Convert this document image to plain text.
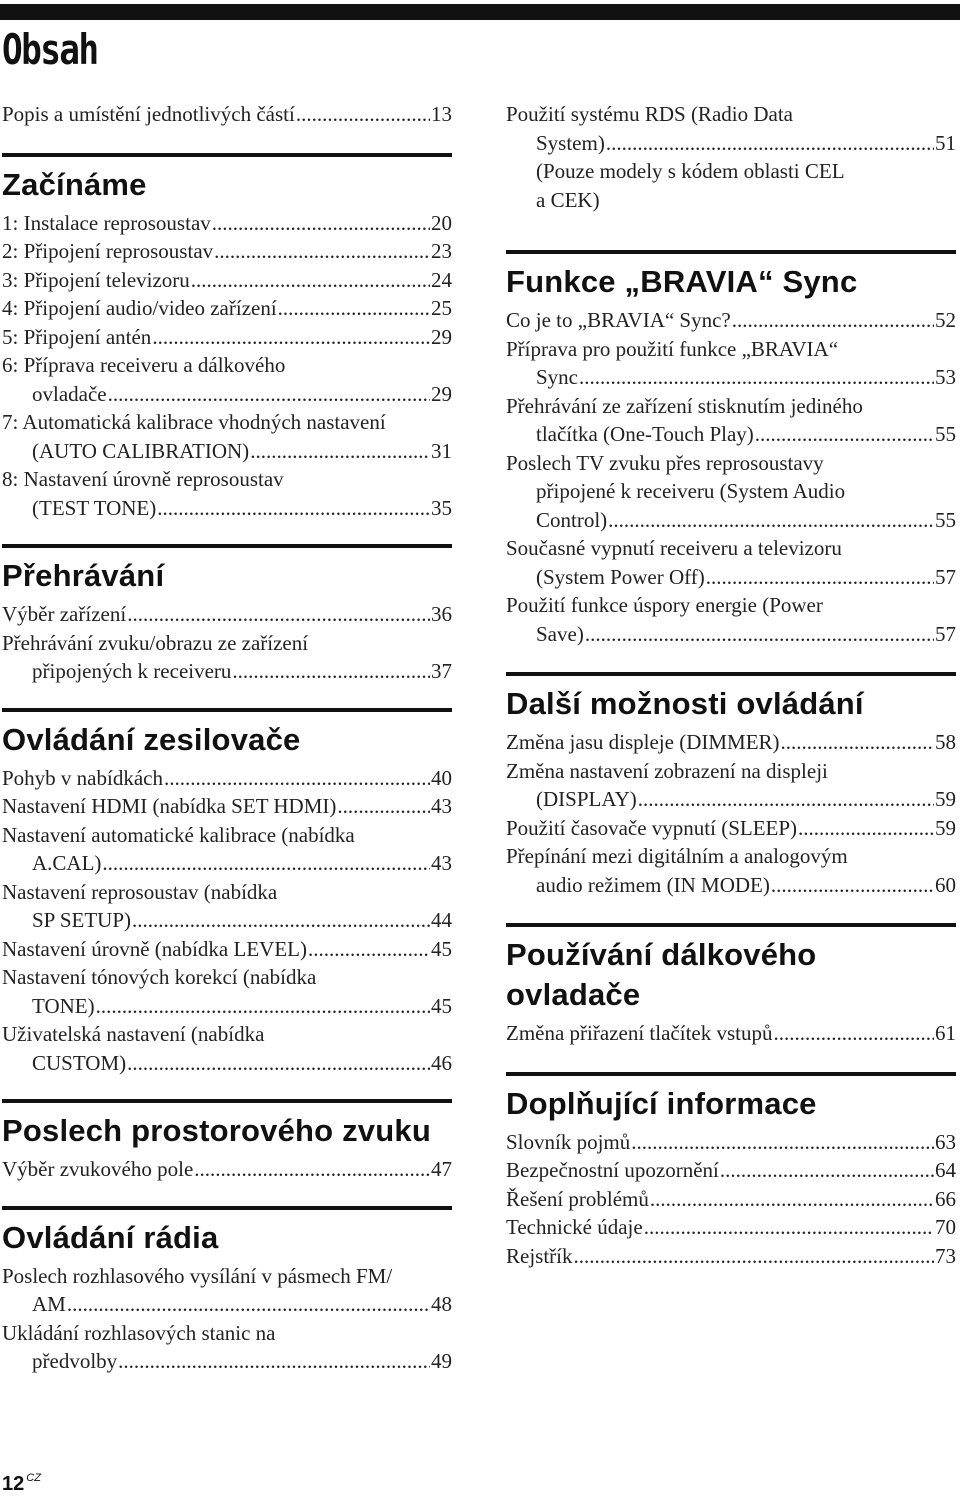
Obsah
Popis a umístění jednotlivých částí .....	13
Začínáme
1: Instalace reprosoustav .....	20
2: Připojení reprosoustav .....	23
3: Připojení televizoru .....	24
4: Připojení audio/video zařízení .....	25
5: Připojení antén .....	29
6: Příprava receiveru a dálkového
ovladače .....	29
7: Automatická kalibrace vhodných nastavení
(AUTO CALIBRATION) .....	31
8: Nastavení úrovně reprosoustav
(TEST TONE) .....	35
Přehrávání
Výběr zařízení .....	36
Přehrávání zvuku/obrazu ze zařízení
připojených k receiveru .....	37
Ovládání zesilovače
Pohyb v nabídkách .....	40
Nastavení HDMI (nabídka SET HDMI) .....	43
Nastavení automatické kalibrace (nabídka
A.CAL) .....	43
Nastavení reprosoustav (nabídka
SP SETUP) .....	44
Nastavení úrovně (nabídka LEVEL) .....	45
Nastavení tónových korekcí (nabídka
TONE) .....	45
Uživatelská nastavení (nabídka
CUSTOM) .....	46
Poslech prostorového zvuku
Výběr zvukového pole .....	47
Ovládání rádia
Poslech rozhlasového vysílání v pásmech FM/
AM .....	48
Ukládání rozhlasových stanic na
předvolby .....	49
Použití systému RDS (Radio Data
System) .....	51
(Pouze modely s kódem oblasti CEL
a CEK)
Funkce „BRAVIA“ Sync
Co je to „BRAVIA“ Sync? .....	52
Příprava pro použití funkce „BRAVIA“
Sync .....	53
Přehrávání ze zařízení stisknutím jediného
tlačítka (One-Touch Play) .....	55
Poslech TV zvuku přes reprosoustavy
připojené k receiveru (System Audio
Control) .....	55
Současné vypnutí receiveru a televizoru
(System Power Off) .....	57
Použití funkce úspory energie (Power
Save) .....	57
Další možnosti ovládání
Změna jasu displeje (DIMMER) .....	58
Změna nastavení zobrazení na displeji
(DISPLAY) .....	59
Použití časovače vypnutí (SLEEP) .....	59
Přepínání mezi digitálním a analogovým
audio režimem (IN MODE) .....	60
Používání dálkového ovladače
Změna přiřazení tlačítek vstupů .....	61
Doplňující informace
Slovník pojmů .....	63
Bezpečnostní upozornění .....	64
Řešení problémů .....	66
Technické údaje .....	70
Rejstřík .....	73
12 $^{CZ}$
